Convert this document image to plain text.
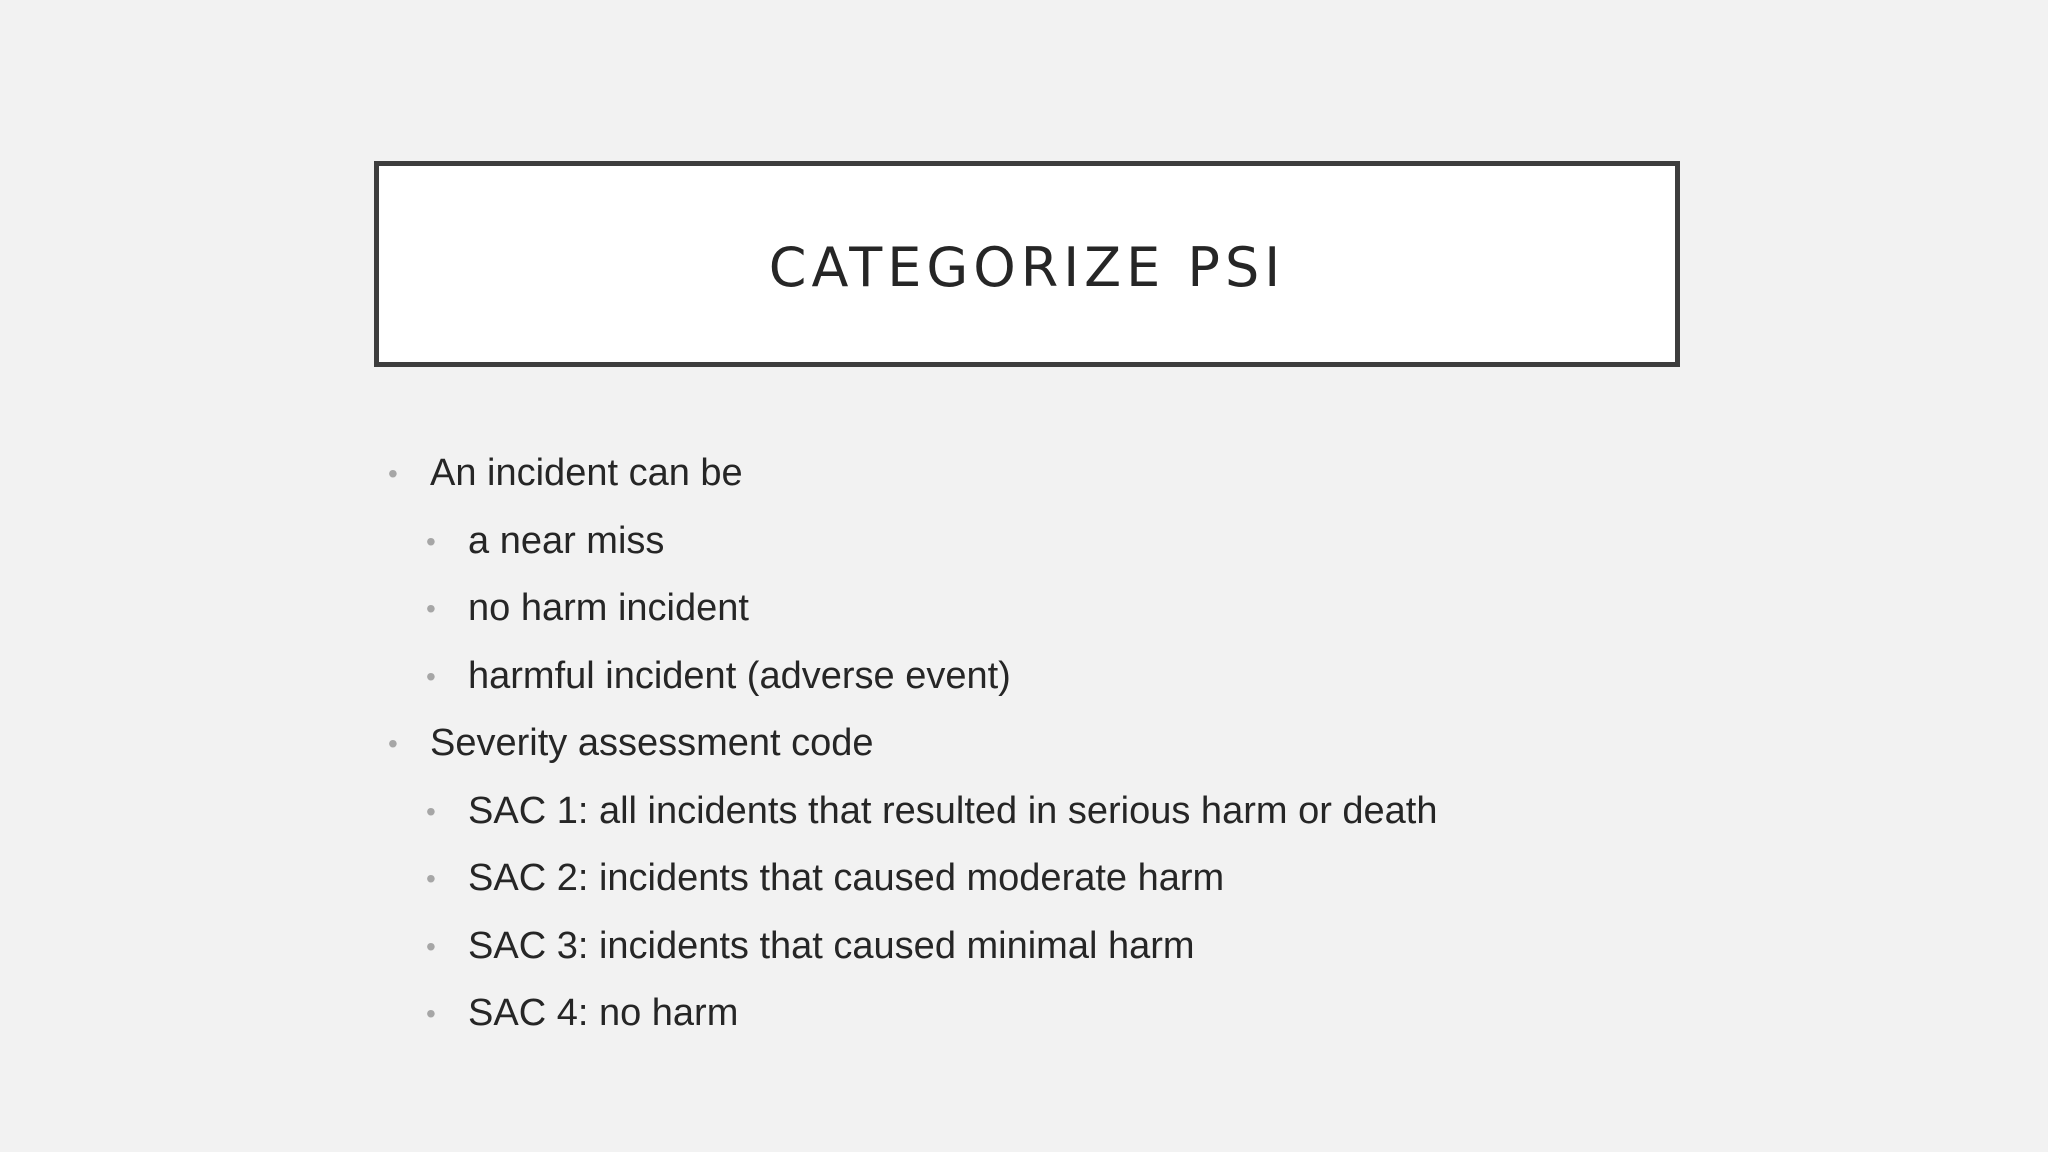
CATEGORIZE PSI
• An incident can be
• a near miss
• no harm incident
• harmful incident (adverse event)
• Severity assessment code
• SAC 1: all incidents that resulted in serious harm or death
• SAC 2: incidents that caused moderate harm
• SAC 3: incidents that caused minimal harm
• SAC 4: no harm
